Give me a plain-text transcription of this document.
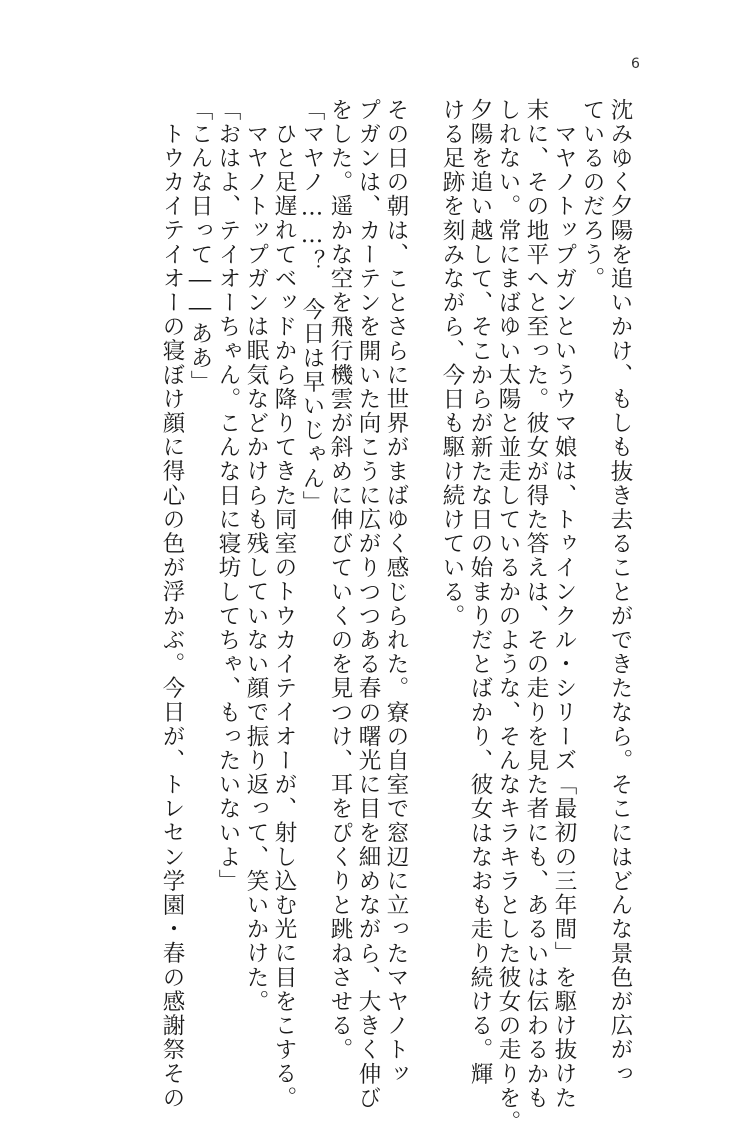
6
沈みゆく夕陽を追いかけ、もしも抜き去ることができたなら。そこにはどんな景色が広がっ
ているのだろう。
マヤノトップガンというウマ娘は、トゥインクル・シリーズ「最初の三年間」を駆け抜けた
末に、その地平へと至った。彼女が得た答えは、その走りを見た者にも、あるいは伝わるかも
しれない。常にまばゆい太陽と並走しているかのような、そんなキラキラとした彼女の走りを。
夕陽を追い越して、そこからが新たな日の始まりだとばかり、彼女はなおも走り続ける。輝
ける足跡を刻みながら、今日も駆け続けている。
その日の朝は、ことさらに世界がまばゆく感じられた。寮の自室で窓辺に立ったマヤノトッ
プガンは、カーテンを開いた向こうに広がりつつある春の曙光に目を細めながら、大きく伸び
をした。遥かな空を飛行機雲が斜めに伸びていくのを見つけ、耳をぴくりと跳ねさせる。
「マヤノ……？　今日は早いじゃん」
ひと足遅れてベッドから降りてきた同室のトウカイテイオーが、射し込む光に目をこする。
マヤノトップガンは眠気などかけらも残していない顔で振り返って、笑いかけた。
「おはよ、テイオーちゃん。こんな日に寝坊してちゃ、もったいないよ」
「こんな日って――ああ」
トウカイテイオーの寝ぼけ顔に得心の色が浮かぶ。今日が、トレセン学園・春の感謝祭その
